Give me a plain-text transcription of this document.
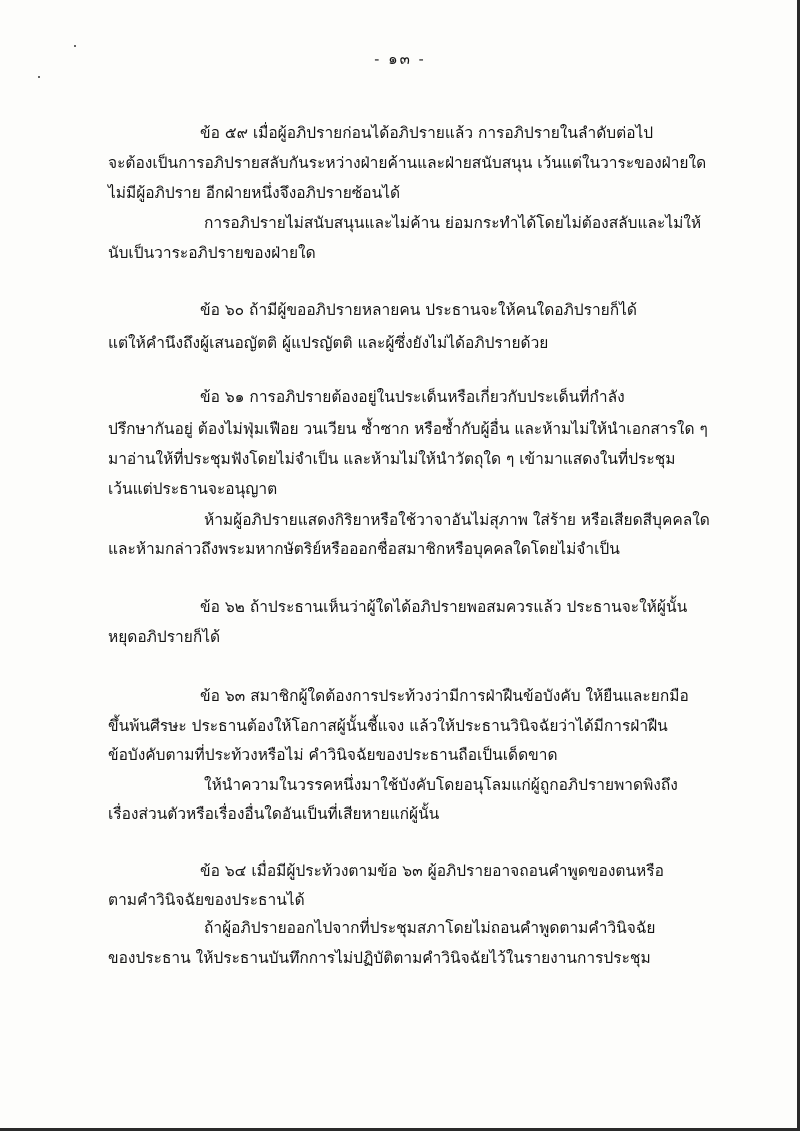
- ๑๓ -
ข้อ ๕๙ เมื่อผู้อภิปรายก่อนได้อภิปรายแล้ว การอภิปรายในลำดับต่อไป
จะต้องเป็นการอภิปรายสลับกันระหว่างฝ่ายค้านและฝ่ายสนับสนุน เว้นแต่ในวาระของฝ่ายใด
ไม่มีผู้อภิปราย อีกฝ่ายหนึ่งจึงอภิปรายซ้อนได้
การอภิปรายไม่สนับสนุนและไม่ค้าน ย่อมกระทำได้โดยไม่ต้องสลับและไม่ให้
นับเป็นวาระอภิปรายของฝ่ายใด
ข้อ ๖๐ ถ้ามีผู้ขออภิปรายหลายคน ประธานจะให้คนใดอภิปรายก็ได้
แต่ให้คำนึงถึงผู้เสนอญัตติ ผู้แปรญัตติ และผู้ซึ่งยังไม่ได้อภิปรายด้วย
ข้อ ๖๑ การอภิปรายต้องอยู่ในประเด็นหรือเกี่ยวกับประเด็นที่กำลัง
ปรึกษากันอยู่ ต้องไม่ฟุ่มเฟือย วนเวียน ซ้ำซาก หรือซ้ำกับผู้อื่น และห้ามไม่ให้นำเอกสารใด ๆ
มาอ่านให้ที่ประชุมฟังโดยไม่จำเป็น และห้ามไม่ให้นำวัตถุใด ๆ เข้ามาแสดงในที่ประชุม
เว้นแต่ประธานจะอนุญาต
ห้ามผู้อภิปรายแสดงกิริยาหรือใช้วาจาอันไม่สุภาพ ใส่ร้าย หรือเสียดสีบุคคลใด
และห้ามกล่าวถึงพระมหากษัตริย์หรือออกชื่อสมาชิกหรือบุคคลใดโดยไม่จำเป็น
ข้อ ๖๒ ถ้าประธานเห็นว่าผู้ใดได้อภิปรายพอสมควรแล้ว ประธานจะให้ผู้นั้น
หยุดอภิปรายก็ได้
ข้อ ๖๓ สมาชิกผู้ใดต้องการประท้วงว่ามีการฝ่าฝืนข้อบังคับ ให้ยืนและยกมือ
ขึ้นพ้นศีรษะ ประธานต้องให้โอกาสผู้นั้นชี้แจง แล้วให้ประธานวินิจฉัยว่าได้มีการฝ่าฝืน
ข้อบังคับตามที่ประท้วงหรือไม่ คำวินิจฉัยของประธานถือเป็นเด็ดขาด
ให้นำความในวรรคหนึ่งมาใช้บังคับโดยอนุโลมแก่ผู้ถูกอภิปรายพาดพิงถึง
เรื่องส่วนตัวหรือเรื่องอื่นใดอันเป็นที่เสียหายแก่ผู้นั้น
ข้อ ๖๔ เมื่อมีผู้ประท้วงตามข้อ ๖๓ ผู้อภิปรายอาจถอนคำพูดของตนหรือ
ตามคำวินิจฉัยของประธานได้
ถ้าผู้อภิปรายออกไปจากที่ประชุมสภาโดยไม่ถอนคำพูดตามคำวินิจฉัย
ของประธาน ให้ประธานบันทึกการไม่ปฏิบัติตามคำวินิจฉัยไว้ในรายงานการประชุม
